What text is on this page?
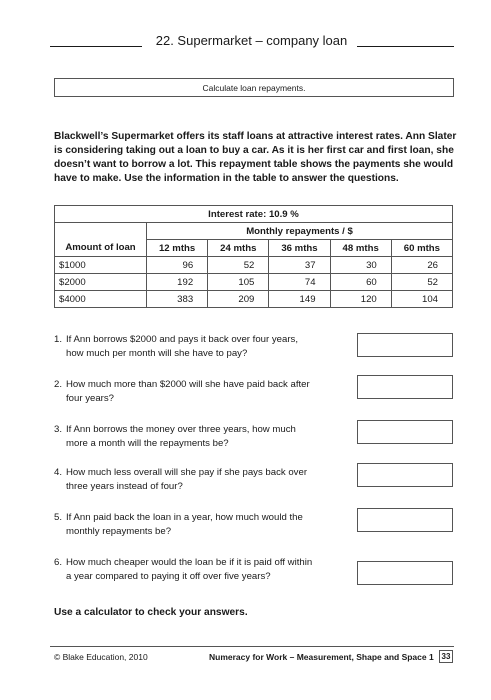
22. Supermarket – company loan
Calculate loan repayments.

Blackwell’s Supermarket offers its staff loans at attractive interest rates. Ann Slater is considering taking out a loan to buy a car. As it is her first car and first loan, she doesn’t want to borrow a lot. This repayment table shows the payments she would have to make. Use the information in the table to answer the questions.

Interest rate: 10.9 %					
	Monthly repayments / $				
Amount of loan	12 mths	24 mths	36 mths	48 mths	60 mths
$1000	96	52	37	30	26
$2000	192	105	74	60	52
$4000	383	209	149	120	104
1. If Ann borrows $2000 and pays it back over four years,
how much per month will she have to pay?
2. How much more than $2000 will she have paid back after
four years?
3. If Ann borrows the money over three years, how much
more a month will the repayments be?
4. How much less overall will she pay if she pays back over
three years instead of four?
5. If Ann paid back the loan in a year, how much would the
monthly repayments be?
6. How much cheaper would the loan be if it is paid off within
a year compared to paying it off over five years?
Use a calculator to check your answers.
© Blake Education, 2010	Numeracy for Work – Measurement, Shape and Space 1 33
